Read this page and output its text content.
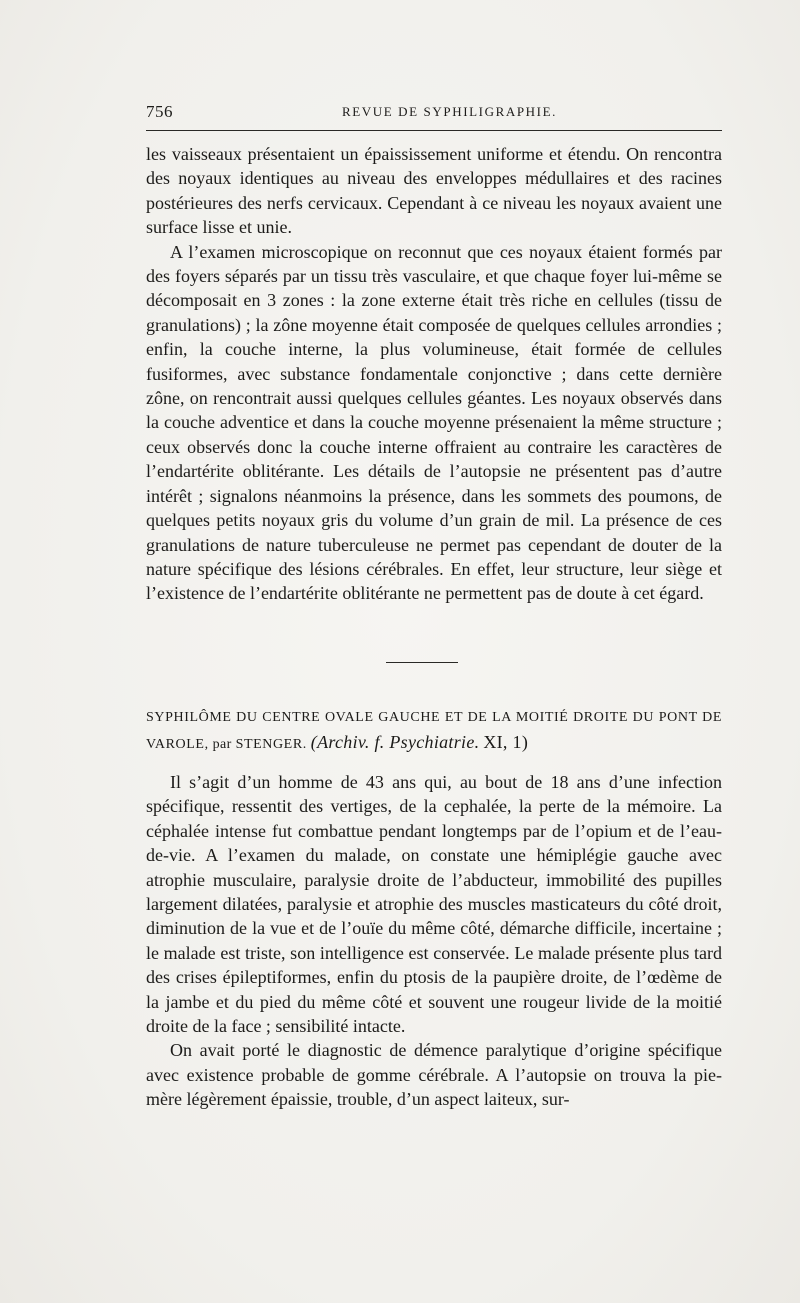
756	REVUE DE SYPHILIGRAPHIE.

les vaisseaux présentaient un épaississement uniforme et étendu. On rencontra des noyaux identiques au niveau des enveloppes médullaires et des racines postérieures des nerfs cervicaux. Cependant à ce niveau les noyaux avaient une surface lisse et unie.

A l’examen microscopique on reconnut que ces noyaux étaient formés par des foyers séparés par un tissu très vasculaire, et que chaque foyer lui-même se décomposait en 3 zones : la zone externe était très riche en cellules (tissu de granulations) ; la zône moyenne était composée de quelques cellules arrondies ; enfin, la couche interne, la plus volumineuse, était formée de cellules fusiformes, avec substance fondamentale conjonctive ; dans cette dernière zône, on rencontrait aussi quelques cellules géantes. Les noyaux observés dans la couche adventice et dans la couche moyenne présenaient la même structure ; ceux observés donc la couche interne offraient au contraire les caractères de l’endartérite oblitérante. Les détails de l’autopsie ne présentent pas d’autre intérêt ; signalons néanmoins la présence, dans les sommets des poumons, de quelques petits noyaux gris du volume d’un grain de mil. La présence de ces granulations de nature tuberculeuse ne permet pas cependant de douter de la nature spécifique des lésions cérébrales. En effet, leur structure, leur siège et l’existence de l’endartérite oblitérante ne permettent pas de doute à cet égard.

SYPHILÔME DU CENTRE OVALE GAUCHE ET DE LA MOITIÉ DROITE DU PONT DE VAROLE, par STENGER. (Archiv. f. Psychiatrie. XI, 1)

Il s’agit d’un homme de 43 ans qui, au bout de 18 ans d’une infection spécifique, ressentit des vertiges, de la cephalée, la perte de la mémoire. La céphalée intense fut combattue pendant longtemps par de l’opium et de l’eau-de-vie. A l’examen du malade, on constate une hémiplégie gauche avec atrophie musculaire, paralysie droite de l’abducteur, immobilité des pupilles largement dilatées, paralysie et atrophie des muscles masticateurs du côté droit, diminution de la vue et de l’ouïe du même côté, démarche difficile, incertaine ; le malade est triste, son intelligence est conservée. Le malade présente plus tard des crises épileptiformes, enfin du ptosis de la paupière droite, de l’œdème de la jambe et du pied du même côté et souvent une rougeur livide de la moitié droite de la face ; sensibilité intacte.

On avait porté le diagnostic de démence paralytique d’origine spécifique avec existence probable de gomme cérébrale. A l’autopsie on trouva la pie-mère légèrement épaissie, trouble, d’un aspect laiteux, sur-
